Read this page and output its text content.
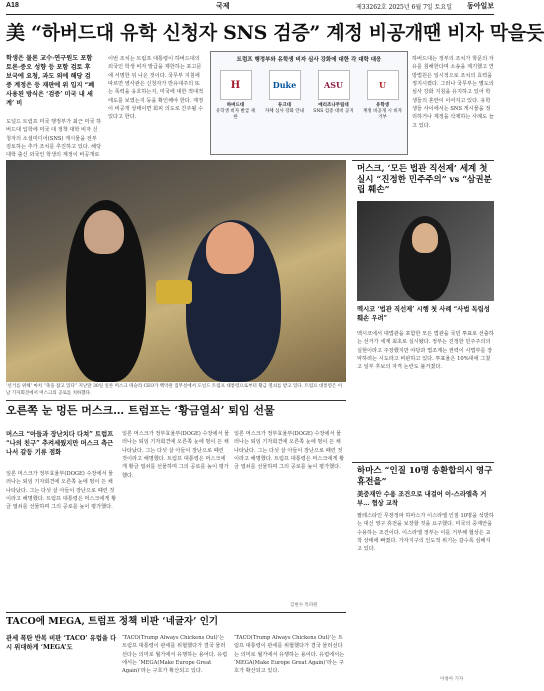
A18	국제	제33262호 2025년 6월 7일 토요일 동아일보
美 “하버드대 유학 신청자 SNS 검증” 계정 비공개땐 비자 막을듯
학생은 물론 교수·연구원도 포함 토론·증오 성향 등 포함 검토 후보국에 요청, 과도 외에 해당 검증 계정은 등 재판에 위 입지 “폐 사용된 방식은 ‘검증’ 미국 내 세계’ 비
도널드 트럼프 미국 행정부가 최근 미국 하버드대 입학에 미국 대 정책 대학 비자 신청자의 소셜미디어(SNS) 게시물을 전부 검토하는 추가 조치를 추진하고 있다. 해당 대학 출신 외국인 학생의 계정이 비공개로
이번 조치는 트럼프 대통령이 하버드대의 외국인 학생 비자 발급을 제한하는 포고문에 서명한 뒤 나온 것이다. 국무부 지침에 따르면 영사관은 신청자가 반유대주의 또는 폭력을 옹호하는지, 미국에 대한 적대적 태도를 보였는지 등을 확인해야 한다. 계정이 비공개 상태이면 회피 의도로 간주될 수 있다고 한다.
하버드대는 정부의 조치가 학문의 자유를 침해한다며 소송을 제기했고 연방법원은 일시적으로 조치의 효력을 정지시켰다. 그러나 국무부는 별도의 심사 강화 지침을 유지하고 있어 학생들의 혼란이 이어지고 있다. 유학생들 사이에서는 SNS 게시물을 정리하거나 계정을 삭제하는 사례도 늘고 있다.
트럼프 행정부와 유학생 비자 심사 강화에 대한 각 대학 대응
H
하버드대
유학생 비자 발급 제한
Duke
듀크대
자체 심사 강화 안내
ASU
애리조나주립대
SNS 검증 대비 공지
U
유학생
계정 비공개 시 비자 거부
머스크, ‘모든 법관 직선제’ 세계 첫 실시 “진정한 민주주의” vs “삼권분립 훼손”
멕시코 ‘법관 직선제’ 시행 첫 사례 “사법 독립성 훼손 우려”
멕시코에서 대법관을 포함한 모든 법관을 국민 투표로 선출하는 선거가 세계 최초로 실시됐다. 정부는 진정한 민주주의의 실현이라고 주장했지만 야당과 법조계는 권력이 사법부를 장악하려는 시도라고 비판하고 있다. 투표율은 10%대에 그쳤고 일부 후보의 자격 논란도 불거졌다.
‘선거를 위해’ 마치 “축을 잡고 있다” 지난달 30일 일론 머스크 테슬라 CEO가 백악관 집무실에서 도널드 트럼프 대통령으로부터 황금 열쇠를 받고 있다. 트럼프 대통령은 이날 기자회견에서 머스크의 공로를 치하했다.
오른쪽 눈 멍든 머스크… 트럼프는 ‘황금열쇠’ 퇴임 선물
머스크 “아들과 장난치다 다쳐” 트럼프 “나의 친구” 추켜세웠지만 머스크 측근 나서 갈등 기류 점화
일론 머스크가 정부효율부(DOGE) 수장에서 물러나는 퇴임 기자회견에 오른쪽 눈에 멍이 든 채 나타났다. 그는 다섯 살 아들이 장난으로 때린 것이라고 해명했다. 트럼프 대통령은 머스크에게 황금 열쇠를 선물하며 그의 공로를 높이 평가했다.
일론 머스크가 정부효율부(DOGE) 수장에서 물러나는 퇴임 기자회견에 오른쪽 눈에 멍이 든 채 나타났다. 그는 다섯 살 아들이 장난으로 때린 것이라고 해명했다. 트럼프 대통령은 머스크에게 황금 열쇠를 선물하며 그의 공로를 높이 평가했다.
일론 머스크가 정부효율부(DOGE) 수장에서 물러나는 퇴임 기자회견에 오른쪽 눈에 멍이 든 채 나타났다. 그는 다섯 살 아들이 장난으로 때린 것이라고 해명했다. 트럼프 대통령은 머스크에게 황금 열쇠를 선물하며 그의 공로를 높이 평가했다.
김현수 특파원
하마스 “인질 10명 송환합의시 영구 휴전을”
美중재안 수용 조건으로 내걸어 이-스라엘측 거부… 협상 교착
팔레스타인 무장정파 하마스가 이스라엘 인질 10명을 석방하는 대신 영구 휴전을 보장할 것을 요구했다. 미국의 중재안을 수용하는 조건이다. 이스라엘 정부는 이를 거부해 협상은 교착 상태에 빠졌다. 가자지구의 인도적 위기는 갈수록 심해지고 있다.
이청아 기자
TACO에 MEGA, 트럼프 정책 비판 ‘네글자’ 인기
관세 폭탄 반복 비판 ‘TACO’ 유럽을 다시 위대하게 ‘MEGA’도
‘TACO(Trump Always Chickens Out)’는 트럼프 대통령이 관세를 위협했다가 결국 물러선다는 의미로 월가에서 유행하는 용어다. 유럽에서는 ‘MEGA(Make Europe Great Again)’라는 구호가 확산되고 있다.
‘TACO(Trump Always Chickens Out)’는 트럼프 대통령이 관세를 위협했다가 결국 물러선다는 의미로 월가에서 유행하는 용어다. 유럽에서는 ‘MEGA(Make Europe Great Again)’라는 구호가 확산되고 있다.
